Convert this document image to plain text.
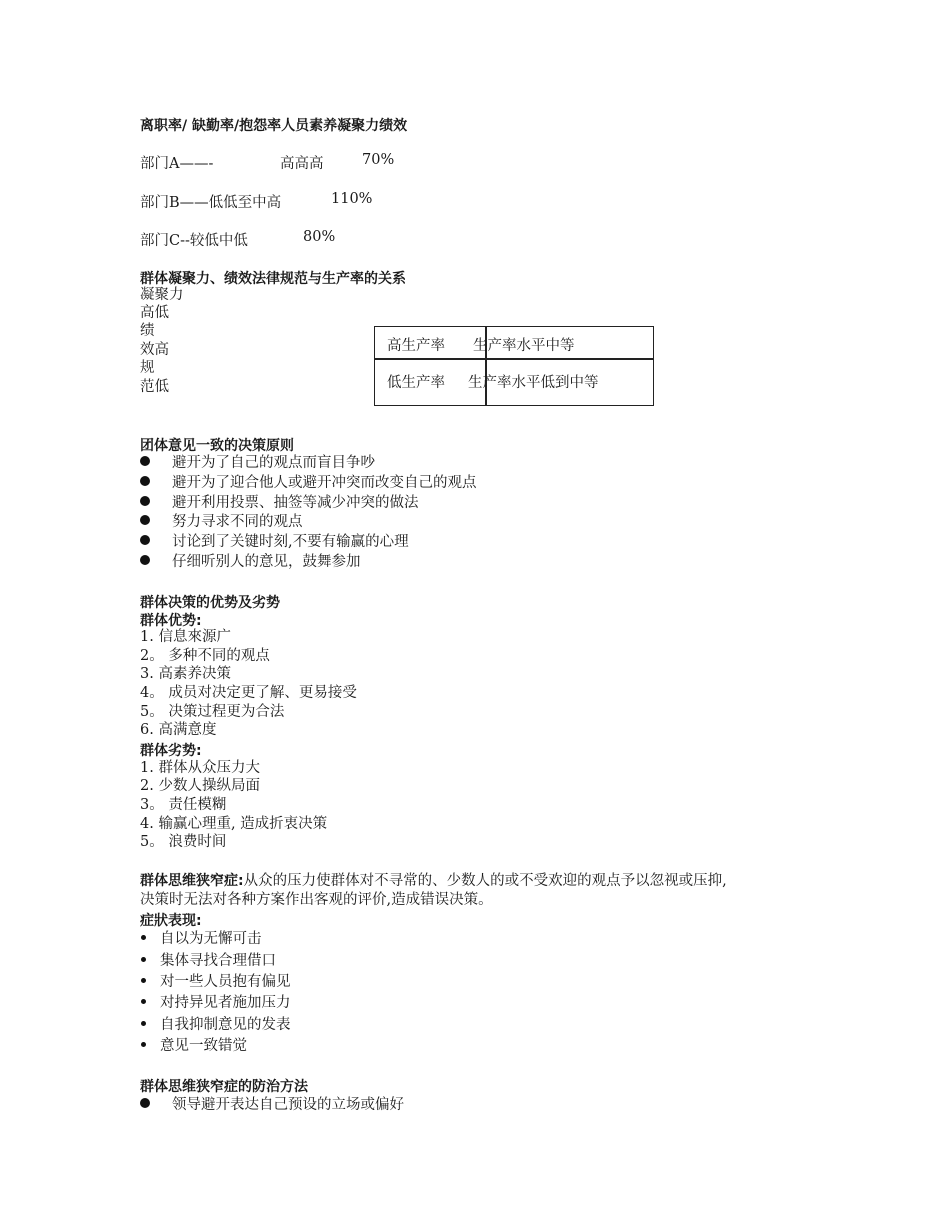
离职率/ 缺勤率/抱怨率人员素养凝聚力绩效
部门A——-	高高高	70%
部门B——低低至中高	110%
部门C--较低中低	80%
群体凝聚力、绩效法律规范与生产率的关系
凝聚力
高低
绩
效高
规
范低
高生产率 生产率水平中等
低生产率 生产率水平低到中等
团体意见一致的决策原则
避开为了自己的观点而盲目争吵
避开为了迎合他人或避开冲突而改变自己的观点
避开利用投票、抽签等减少冲突的做法
努力寻求不同的观点
讨论到了关键时刻,不要有输赢的心理
仔细听别人的意见，鼓舞参加
群体决策的优势及劣势
群体优势:
1. 信息來源广
2。 多种不同的观点
3. 高素养决策
4。 成员对决定更了解、更易接受
5。 决策过程更为合法
6. 高满意度
群体劣势:
1. 群体从众压力大
2. 少数人操纵局面
3。 责任模糊
4. 输赢心理重, 造成折衷决策
5。 浪费时间
群体思维狭窄症:从众的压力使群体对不寻常的、少数人的或不受欢迎的观点予以忽视或压抑,
决策时无法对各种方案作出客观的评价,造成错误决策。
症狀表现:
自以为无懈可击
集体寻找合理借口
对一些人员抱有偏见
对持异见者施加压力
自我抑制意见的发表
意见一致错觉
群体思维狭窄症的防治方法
领导避开表达自己预设的立场或偏好
